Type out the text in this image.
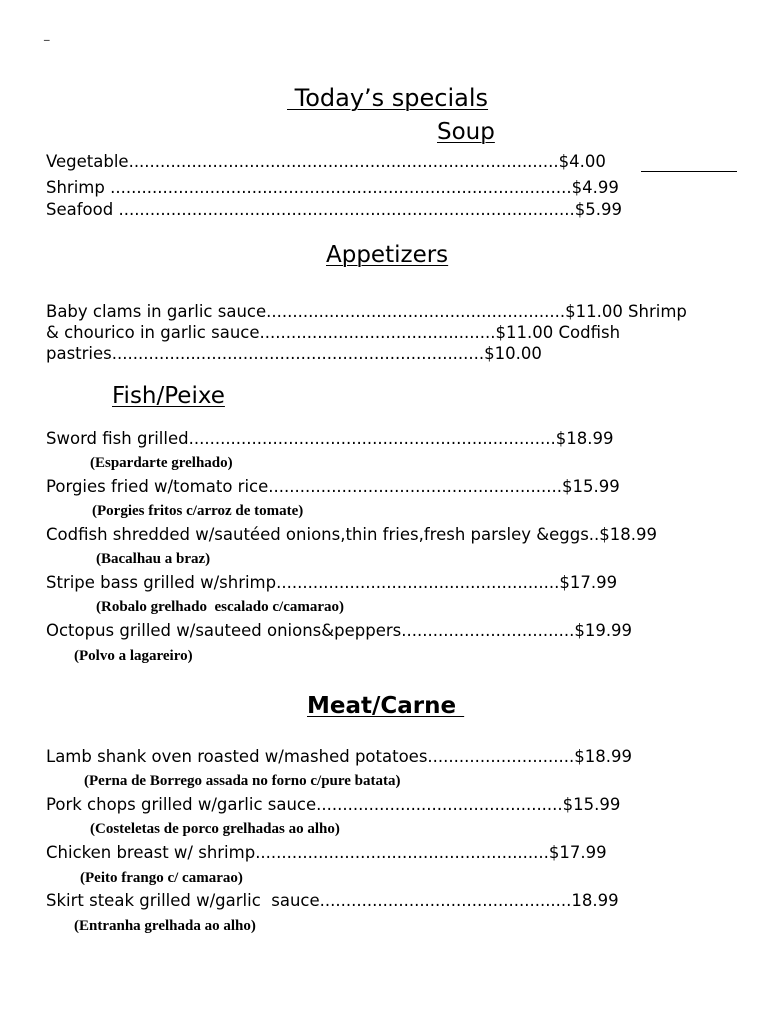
_
Today’s specials
Soup
Vegetable..................................................................................$4.00
Shrimp ........................................................................................$4.99
Seafood .......................................................................................$5.99
Appetizers
Baby clams in garlic sauce.........................................................$11.00 Shrimp
& chourico in garlic sauce.............................................$11.00 Codfish
pastries.......................................................................$10.00
Fish/Peixe
Sword fish grilled......................................................................$18.99
(Espardarte grelhado)
Porgies fried w/tomato rice........................................................$15.99
(Porgies fritos c/arroz de tomate)
Codfish shredded w/sautéed onions,thin fries,fresh parsley &eggs..$18.99
(Bacalhau a braz)
Stripe bass grilled w/shrimp......................................................$17.99
(Robalo grelhado  escalado c/camarao)
Octopus grilled w/sauteed onions&peppers.................................$19.99
(Polvo a lagareiro)
Meat/Carne
Lamb shank oven roasted w/mashed potatoes............................$18.99
(Perna de Borrego assada no forno c/pure batata)
Pork chops grilled w/garlic sauce...............................................$15.99
(Costeletas de porco grelhadas ao alho)
Chicken breast w/ shrimp........................................................$17.99
(Peito frango c/ camarao)
Skirt steak grilled w/garlic  sauce................................................18.99
(Entranha grelhada ao alho)
